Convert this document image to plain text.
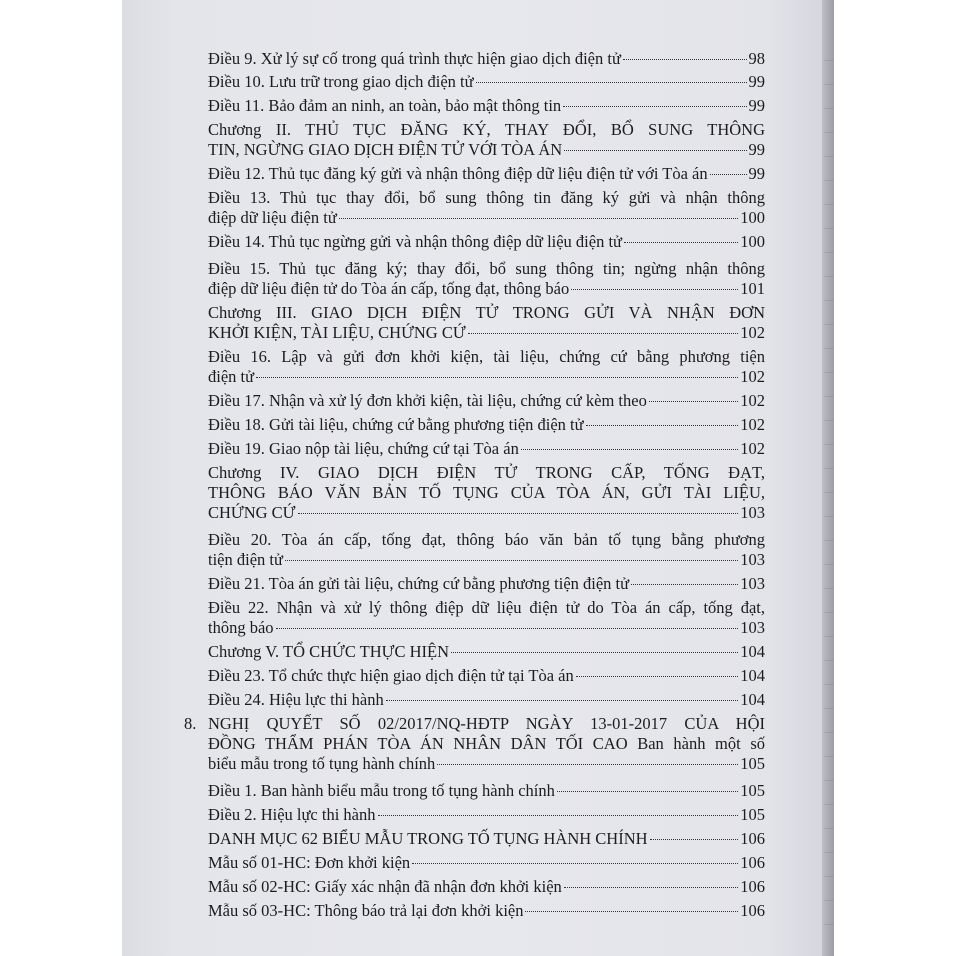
Điều 9. Xử lý sự cố trong quá trình thực hiện giao dịch điện tử	98
Điều 10. Lưu trữ trong giao dịch điện tử	99
Điều 11. Bảo đảm an ninh, an toàn, bảo mật thông tin	99
Chương II. THỦ TỤC ĐĂNG KÝ, THAY ĐỔI, BỔ SUNG THÔNG
TIN, NGỪNG GIAO DỊCH ĐIỆN TỬ VỚI TÒA ÁN	99
Điều 12. Thủ tục đăng ký gửi và nhận thông điệp dữ liệu điện tử với Tòa án 99
Điều 13. Thủ tục thay đổi, bổ sung thông tin đăng ký gửi và nhận thông
điệp dữ liệu điện tử	100
Điều 14. Thủ tục ngừng gửi và nhận thông điệp dữ liệu điện tử	100
Điều 15. Thủ tục đăng ký; thay đổi, bổ sung thông tin; ngừng nhận thông
điệp dữ liệu điện tử do Tòa án cấp, tống đạt, thông báo	101
Chương III. GIAO DỊCH ĐIỆN TỬ TRONG GỬI VÀ NHẬN ĐƠN
KHỞI KIỆN, TÀI LIỆU, CHỨNG CỨ	102
Điều 16. Lập và gửi đơn khởi kiện, tài liệu, chứng cứ bằng phương tiện
điện tử	102
Điều 17. Nhận và xử lý đơn khởi kiện, tài liệu, chứng cứ kèm theo	102
Điều 18. Gửi tài liệu, chứng cứ bằng phương tiện điện tử	102
Điều 19. Giao nộp tài liệu, chứng cứ tại Tòa án	102
Chương IV. GIAO DỊCH ĐIỆN TỬ TRONG CẤP, TỐNG ĐẠT,
THÔNG BÁO VĂN BẢN TỐ TỤNG CỦA TÒA ÁN, GỬI TÀI LIỆU,
CHỨNG CỨ	103
Điều 20. Tòa án cấp, tống đạt, thông báo văn bản tố tụng bằng phương
tiện điện tử	103
Điều 21. Tòa án gửi tài liệu, chứng cứ bằng phương tiện điện tử	103
Điều 22. Nhận và xử lý thông điệp dữ liệu điện tử do Tòa án cấp, tống đạt,
thông báo	103
Chương V. TỔ CHỨC THỰC HIỆN	104
Điều 23. Tổ chức thực hiện giao dịch điện tử tại Tòa án	104
Điều 24. Hiệu lực thi hành	104
8. NGHỊ QUYẾT SỐ 02/2017/NQ-HĐTP NGÀY 13-01-2017 CỦA HỘI
ĐỒNG THẨM PHÁN TÒA ÁN NHÂN DÂN TỐI CAO Ban hành một số
biểu mẫu trong tố tụng hành chính	105
Điều 1. Ban hành biểu mẫu trong tố tụng hành chính	105
Điều 2. Hiệu lực thi hành	105
DANH MỤC 62 BIỂU MẪU TRONG TỐ TỤNG HÀNH CHÍNH	106
Mẫu số 01-HC: Đơn khởi kiện	106
Mẫu số 02-HC: Giấy xác nhận đã nhận đơn khởi kiện	106
Mẫu số 03-HC: Thông báo trả lại đơn khởi kiện	106
